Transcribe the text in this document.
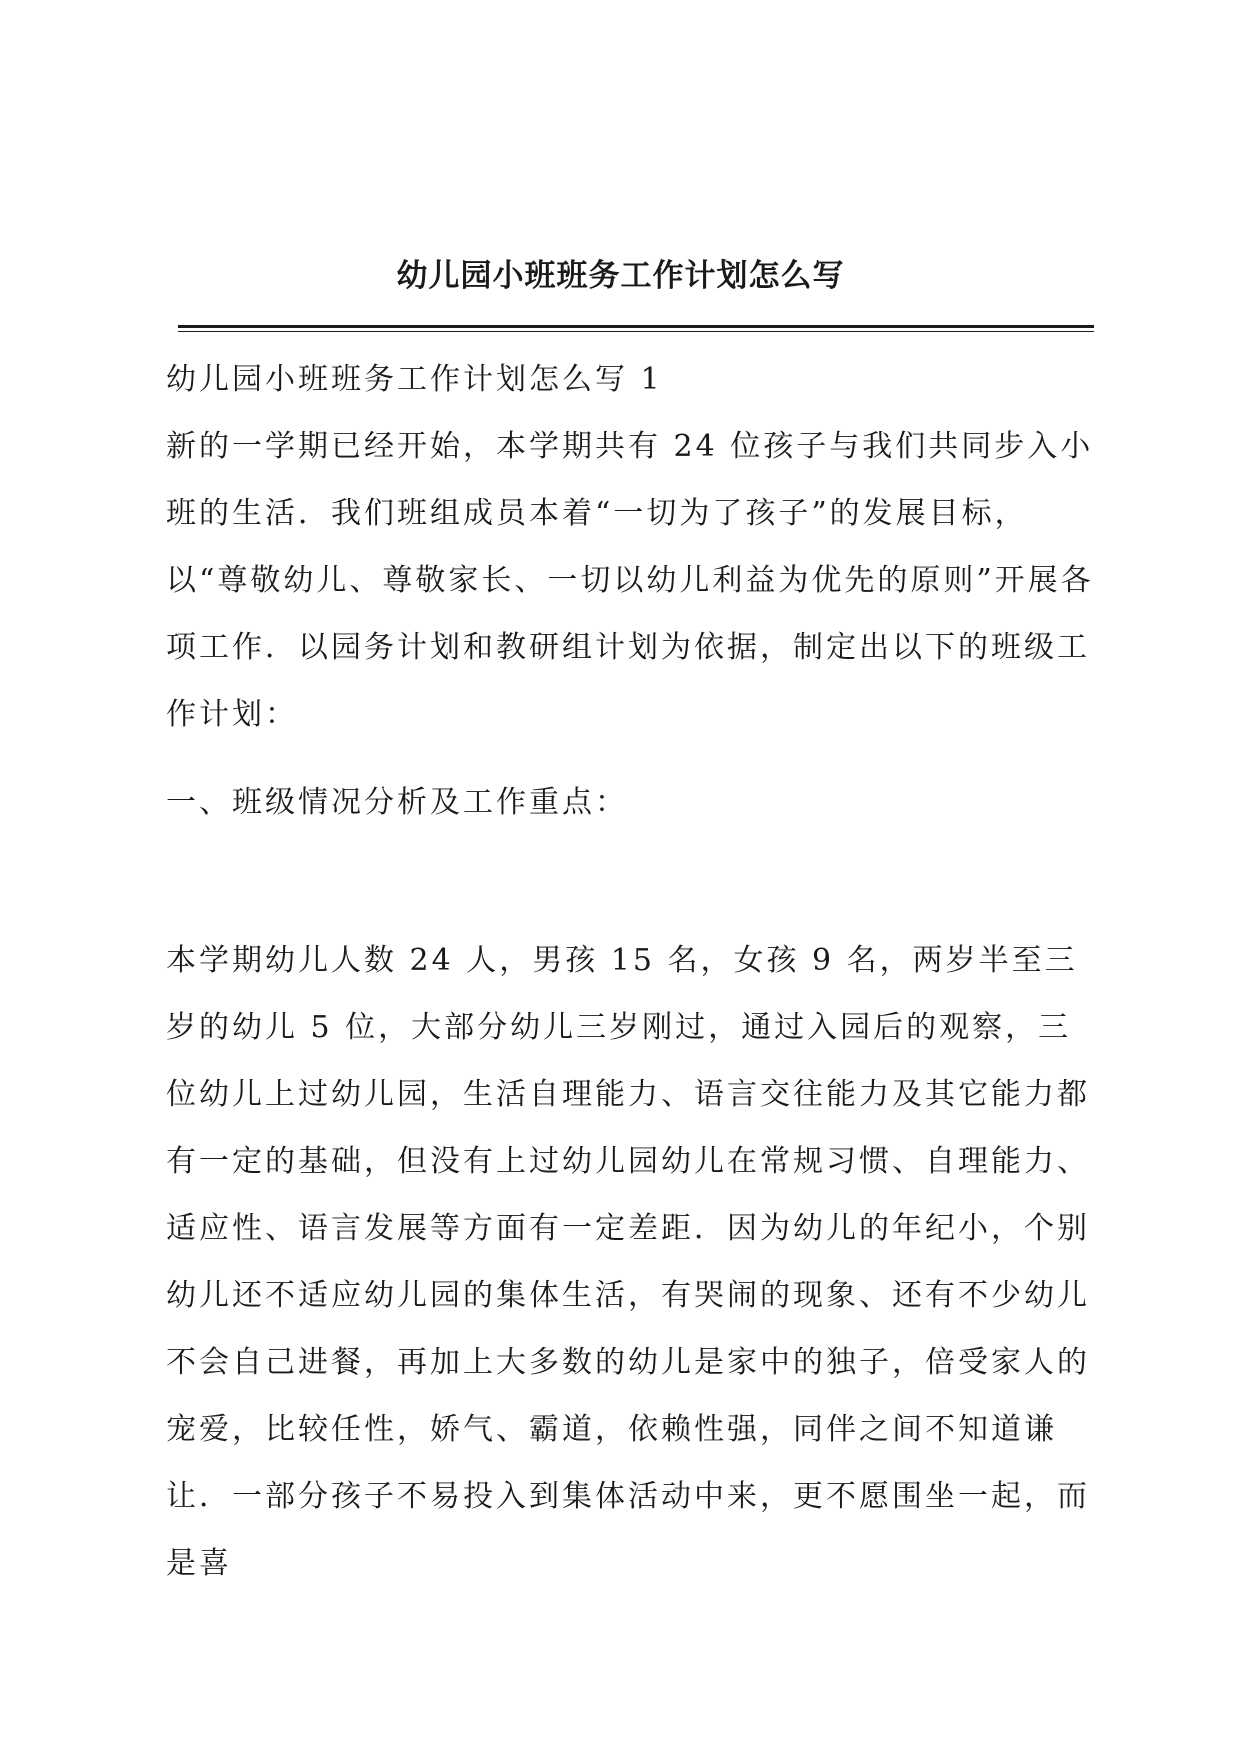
幼儿园小班班务工作计划怎么写

幼儿园小班班务工作计划怎么写 1

新的一学期已经开始，本学期共有 24 位孩子与我们共同步入小班的生活．我们班组成员本着“一切为了孩子”的发展目标，以“尊敬幼儿、尊敬家长、一切以幼儿利益为优先的原则”开展各项工作．以园务计划和教研组计划为依据，制定出以下的班级工作计划：

一、班级情况分析及工作重点：

本学期幼儿人数 24 人，男孩 15 名，女孩 9 名，两岁半至三岁的幼儿 5 位，大部分幼儿三岁刚过，通过入园后的观察，三位幼儿上过幼儿园，生活自理能力、语言交往能力及其它能力都有一定的基础，但没有上过幼儿园幼儿在常规习惯、自理能力、适应性、语言发展等方面有一定差距．因为幼儿的年纪小，个别幼儿还不适应幼儿园的集体生活，有哭闹的现象、还有不少幼儿不会自己进餐，再加上大多数的幼儿是家中的独子，倍受家人的宠爱，比较任性，娇气、霸道，依赖性强，同伴之间不知道谦让．一部分孩子不易投入到集体活动中来，更不愿围坐一起，而是喜
